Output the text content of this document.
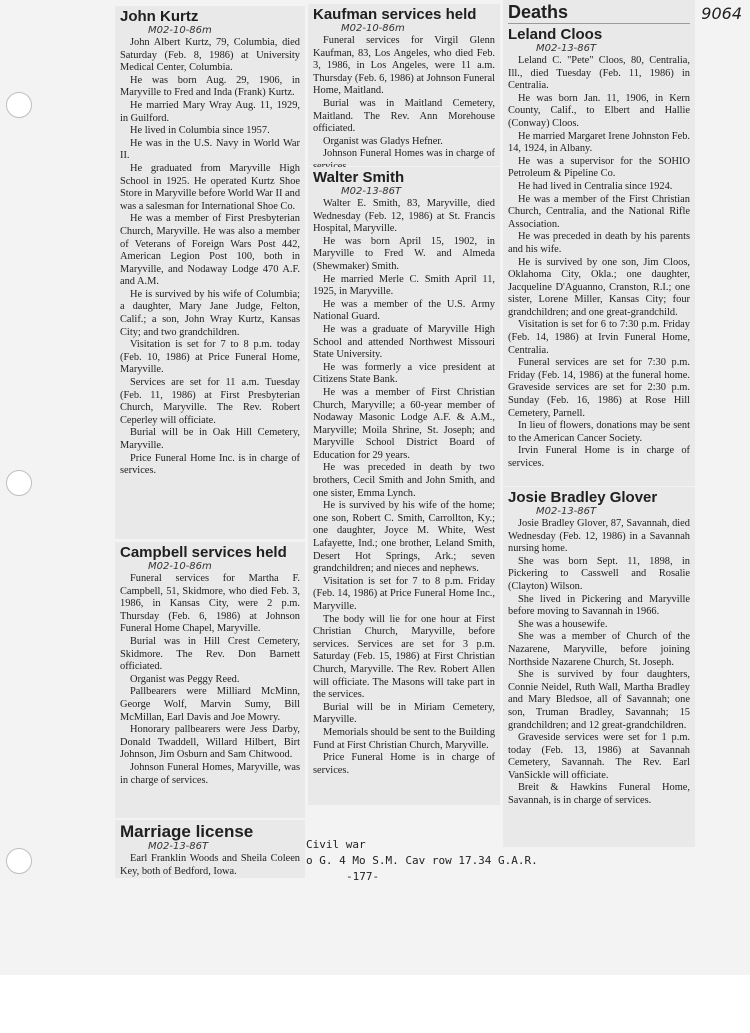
9064
John Kurtz
M02-10-86m

John Albert Kurtz, 79, Columbia, died Saturday (Feb. 8, 1986) at University Medical Center, Columbia.

He was born Aug. 29, 1906, in Maryville to Fred and Inda (Frank) Kurtz.

He married Mary Wray Aug. 11, 1929, in Guilford.

He lived in Columbia since 1957.

He was in the U.S. Navy in World War II.

He graduated from Maryville High School in 1925. He operated Kurtz Shoe Store in Maryville before World War II and was a salesman for International Shoe Co.

He was a member of First Presbyterian Church, Maryville. He was also a member of Veterans of Foreign Wars Post 442, American Legion Post 100, both in Maryville, and Nodaway Lodge 470 A.F. and A.M.

He is survived by his wife of Columbia; a daughter, Mary Jane Judge, Felton, Calif.; a son, John Wray Kurtz, Kansas City; and two grandchildren.

Visitation is set for 7 to 8 p.m. today (Feb. 10, 1986) at Price Funeral Home, Maryville.

Services are set for 11 a.m. Tuesday (Feb. 11, 1986) at First Presbyterian Church, Maryville. The Rev. Robert Ceperley will officiate.

Burial will be in Oak Hill Cemetery, Maryville.

Price Funeral Home Inc. is in charge of services.

Campbell services held
M02-10-86m

Funeral services for Martha F. Campbell, 51, Skidmore, who died Feb. 3, 1986, in Kansas City, were 2 p.m. Thursday (Feb. 6, 1986) at Johnson Funeral Home Chapel, Maryville.

Burial was in Hill Crest Cemetery, Skidmore. The Rev. Don Barnett officiated.

Organist was Peggy Reed.

Pallbearers were Milliard McMinn, George Wolf, Marvin Sumy, Bill McMillan, Earl Davis and Joe Mowry.

Honorary pallbearers were Jess Darby, Donald Twaddell, Willard Hilbert, Birt Johnson, Jim Osburn and Sam Chitwood.

Johnson Funeral Homes, Maryville, was in charge of services.

Marriage license
M02-13-86T

Earl Franklin Woods and Sheila Coleen Key, both of Bedford, Iowa.

Kaufman services held
M02-10-86m

Funeral services for Virgil Glenn Kaufman, 83, Los Angeles, who died Feb. 3, 1986, in Los Angeles, were 11 a.m. Thursday (Feb. 6, 1986) at Johnson Funeral Home, Maitland.

Burial was in Maitland Cemetery, Maitland. The Rev. Ann Morehouse officiated.

Organist was Gladys Hefner.

Johnson Funeral Homes was in charge of

Walter Smith
M02-13-86T

Walter E. Smith, 83, Maryville, died Wednesday (Feb. 12, 1986) at St. Francis Hospital, Maryville.

He was born April 15, 1902, in Maryville to Fred W. and Almeda (Shewmaker) Smith.

He married Merle C. Smith April 11, 1925, in Maryville.

He was a member of the U.S. Army National Guard.

He was a graduate of Maryville High School and attended Northwest Missouri State University.

He was formerly a vice president at Citizens State Bank.

He was a member of First Christian Church, Maryville; a 60-year member of Nodaway Masonic Lodge A.F. & A.M., Maryville; Moila Shrine, St. Joseph; and Maryville School District Board of Education for 29 years.

He was preceded in death by two brothers, Cecil Smith and John Smith, and one sister, Emma Lynch.

He is survived by his wife of the home; one son, Robert C. Smith, Carrollton, Ky.; one daughter, Joyce M. White, West Lafayette, Ind.; one brother, Leland Smith, Desert Hot Springs, Ark.; seven grandchildren; and nieces and nephews.

Visitation is set for 7 to 8 p.m. Friday (Feb. 14, 1986) at Price Funeral Home Inc., Maryville.

The body will lie for one hour at First Christian Church, Maryville, before services. Services are set for 3 p.m. Saturday (Feb. 15, 1986) at First Christian Church, Maryville. The Rev. Robert Allen will officiate. The Masons will take part in the services.

Burial will be in Miriam Cemetery, Maryville.

Memorials should be sent to the Building Fund at First Christian Church, Maryville.

Price Funeral Home is in charge of services.

Deaths
Leland Cloos
M02-13-86T

Leland C. "Pete" Cloos, 80, Centralia, Ill., died Tuesday (Feb. 11, 1986) in Centralia.

He was born Jan. 11, 1906, in Kern County, Calif., to Elbert and Hallie (Conway) Cloos.

He married Margaret Irene Johnston Feb. 14, 1924, in Albany.

He was a supervisor for the SOHIO Petroleum & Pipeline Co.

He had lived in Centralia since 1924.

He was a member of the First Christian Church, Centralia, and the National Rifle Association.

He was preceded in death by his parents and his wife.

He is survived by one son, Jim Cloos, Oklahoma City, Okla.; one daughter, Jacqueline D'Aguanno, Cranston, R.I.; one sister, Lorene Miller, Kansas City; four grandchildren; and one great-grandchild.

Visitation is set for 6 to 7:30 p.m. Friday (Feb. 14, 1986) at Irvin Funeral Home, Centralia.

Funeral services are set for 7:30 p.m. Friday (Feb. 14, 1986) at the funeral home. Graveside services are set for 2:30 p.m. Sunday (Feb. 16, 1986) at Rose Hill Cemetery, Parnell.

In lieu of flowers, donations may be sent to the American Cancer Society.

Irvin Funeral Home is in charge of services.

Josie Bradley Glover
M02-13-86T

Josie Bradley Glover, 87, Savannah, died Wednesday (Feb. 12, 1986) in a Savannah nursing home.

She was born Sept. 11, 1898, in Pickering to Casswell and Rosalie (Clayton) Wilson.

She lived in Pickering and Maryville before moving to Savannah in 1966.

She was a housewife.

She was a member of Church of the Nazarene, Maryville, before joining Northside Nazarene Church, St. Joseph.

She is survived by four daughters, Connie Neidel, Ruth Wall, Martha Bradley and Mary Bledsoe, all of Savannah; one son, Truman Bradley, Savannah; 15 grandchildren; and 12 great-grandchildren.

Graveside services were set for 1 p.m. today (Feb. 13, 1986) at Savannah Cemetery, Savannah. The Rev. Earl VanSickle will officiate.

Breit & Hawkins Funeral Home, Savannah, is in charge of services.

Civil war
o G. 4 Mo S.M. Cav row 17.34 G.A.R.
-177-
